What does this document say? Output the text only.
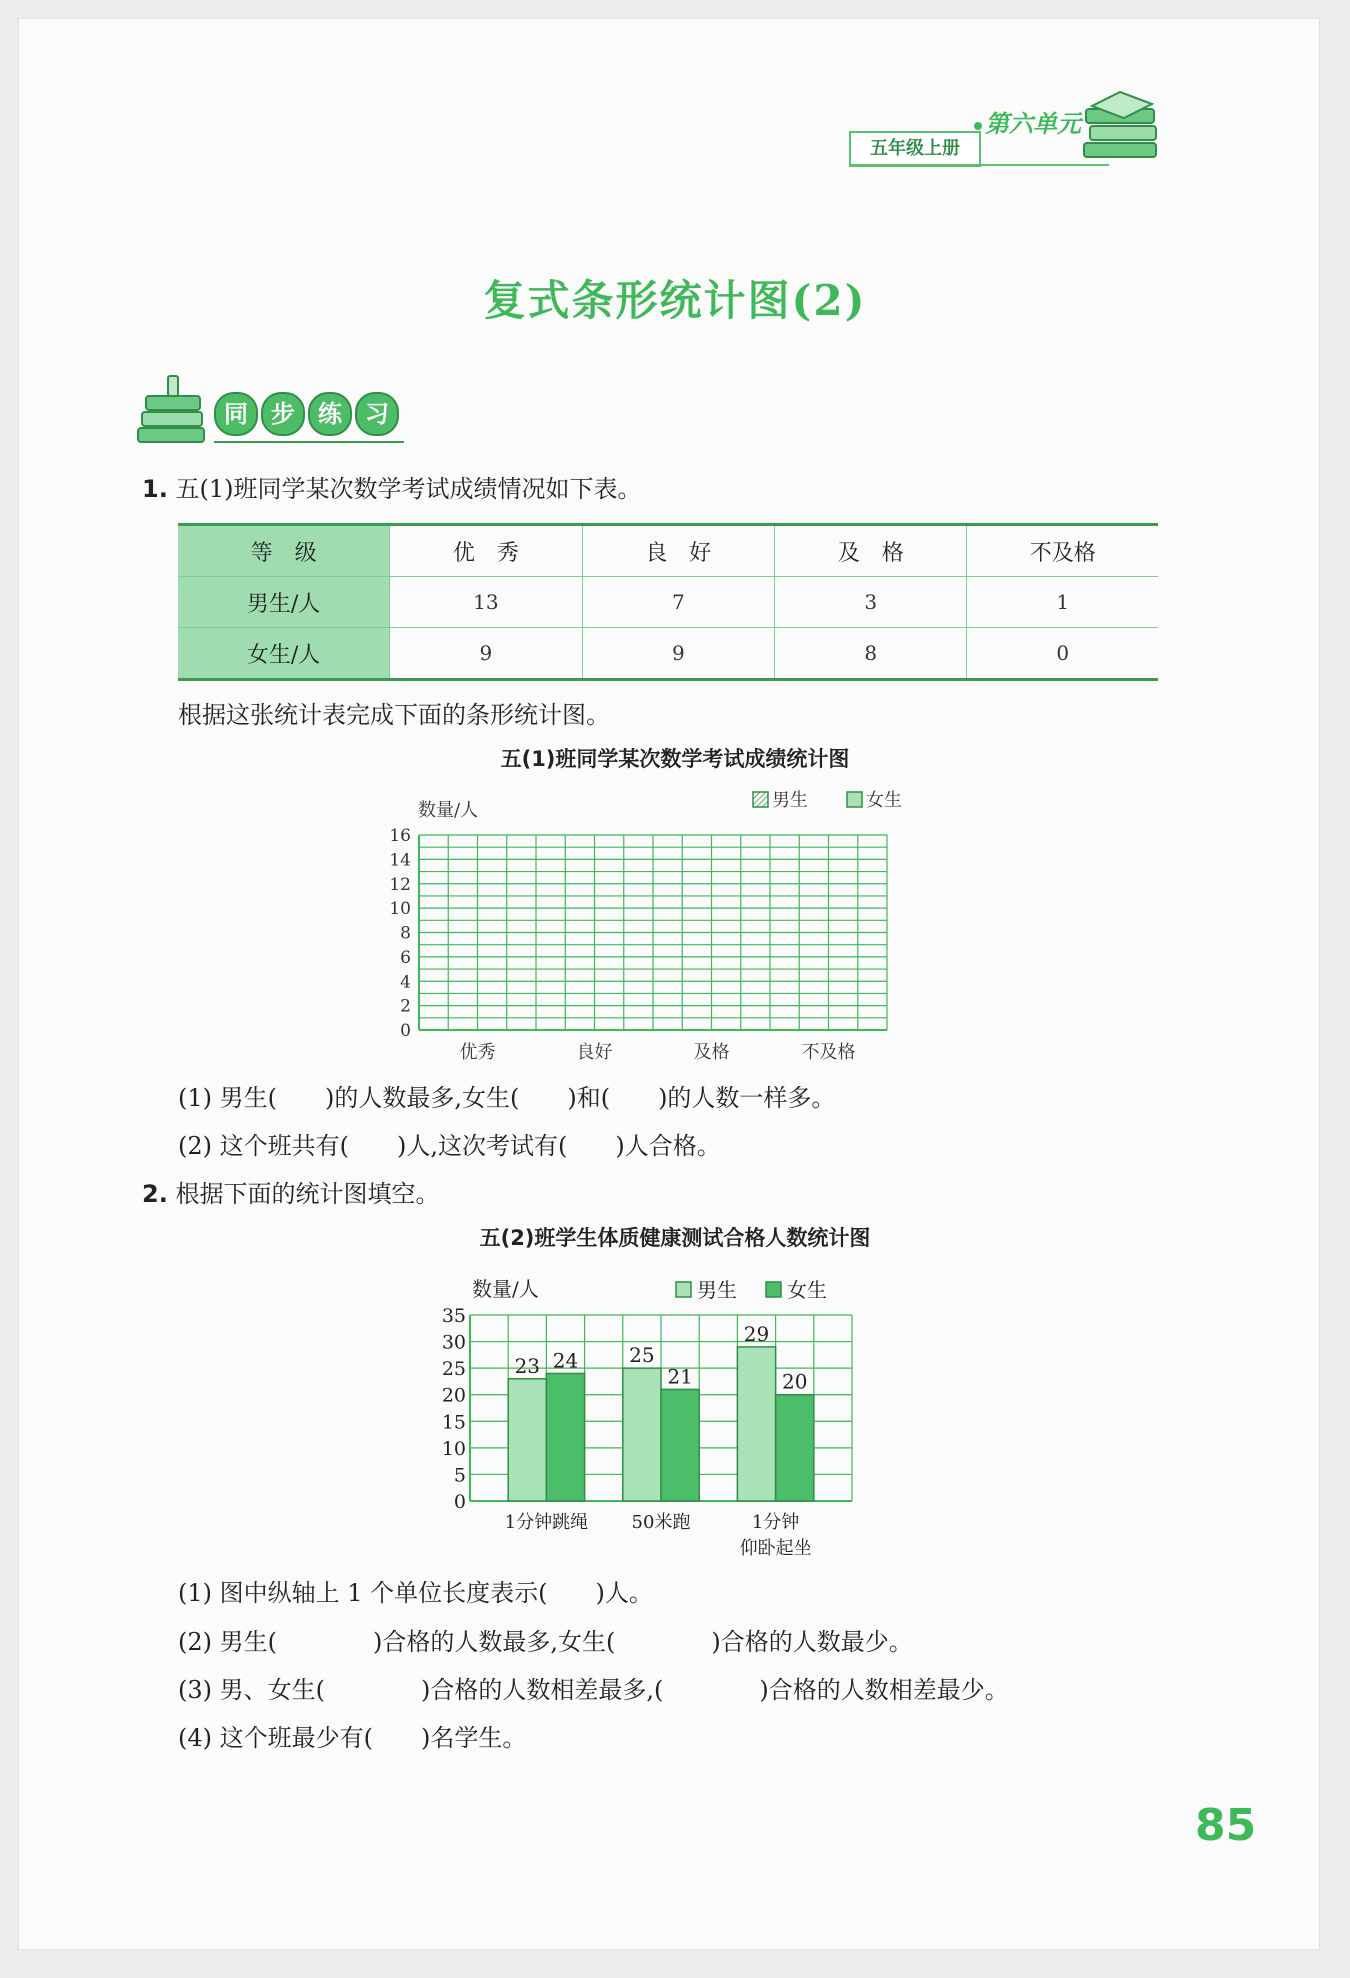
五年级上册
第六单元
复式条形统计图(2)
同 步 练 习
1. 五(1)班同学某次数学考试成绩情况如下表。
等　级	优　秀	良　好	及　格	不及格
男生/人	13	7	3	1
女生/人	9	9	8	0
根据这张统计表完成下面的条形统计图。
五(1)班同学某次数学考试成绩统计图
0
2
4
6
8
10
12
14
16
数量/人
优秀	良好	及格	不及格
男生	女生
(1) 男生(　　)的人数最多,女生(　　)和(　　)的人数一样多。
(2) 这个班共有(　　)人,这次考试有(　　)人合格。
2. 根据下面的统计图填空。
五(2)班学生体质健康测试合格人数统计图
0
5
10
15
20
25
30
35
数量/人
23 24
1分钟跳绳
25
21
50米跑
29
20
1分钟
仰卧起坐
男生	女生
(1) 图中纵轴上 1 个单位长度表示(　　)人。
(2) 男生(　　　　)合格的人数最多,女生(　　　　)合格的人数最少。
(3) 男、女生(　　　　)合格的人数相差最多,(　　　　)合格的人数相差最少。
(4) 这个班最少有(　　)名学生。
85
